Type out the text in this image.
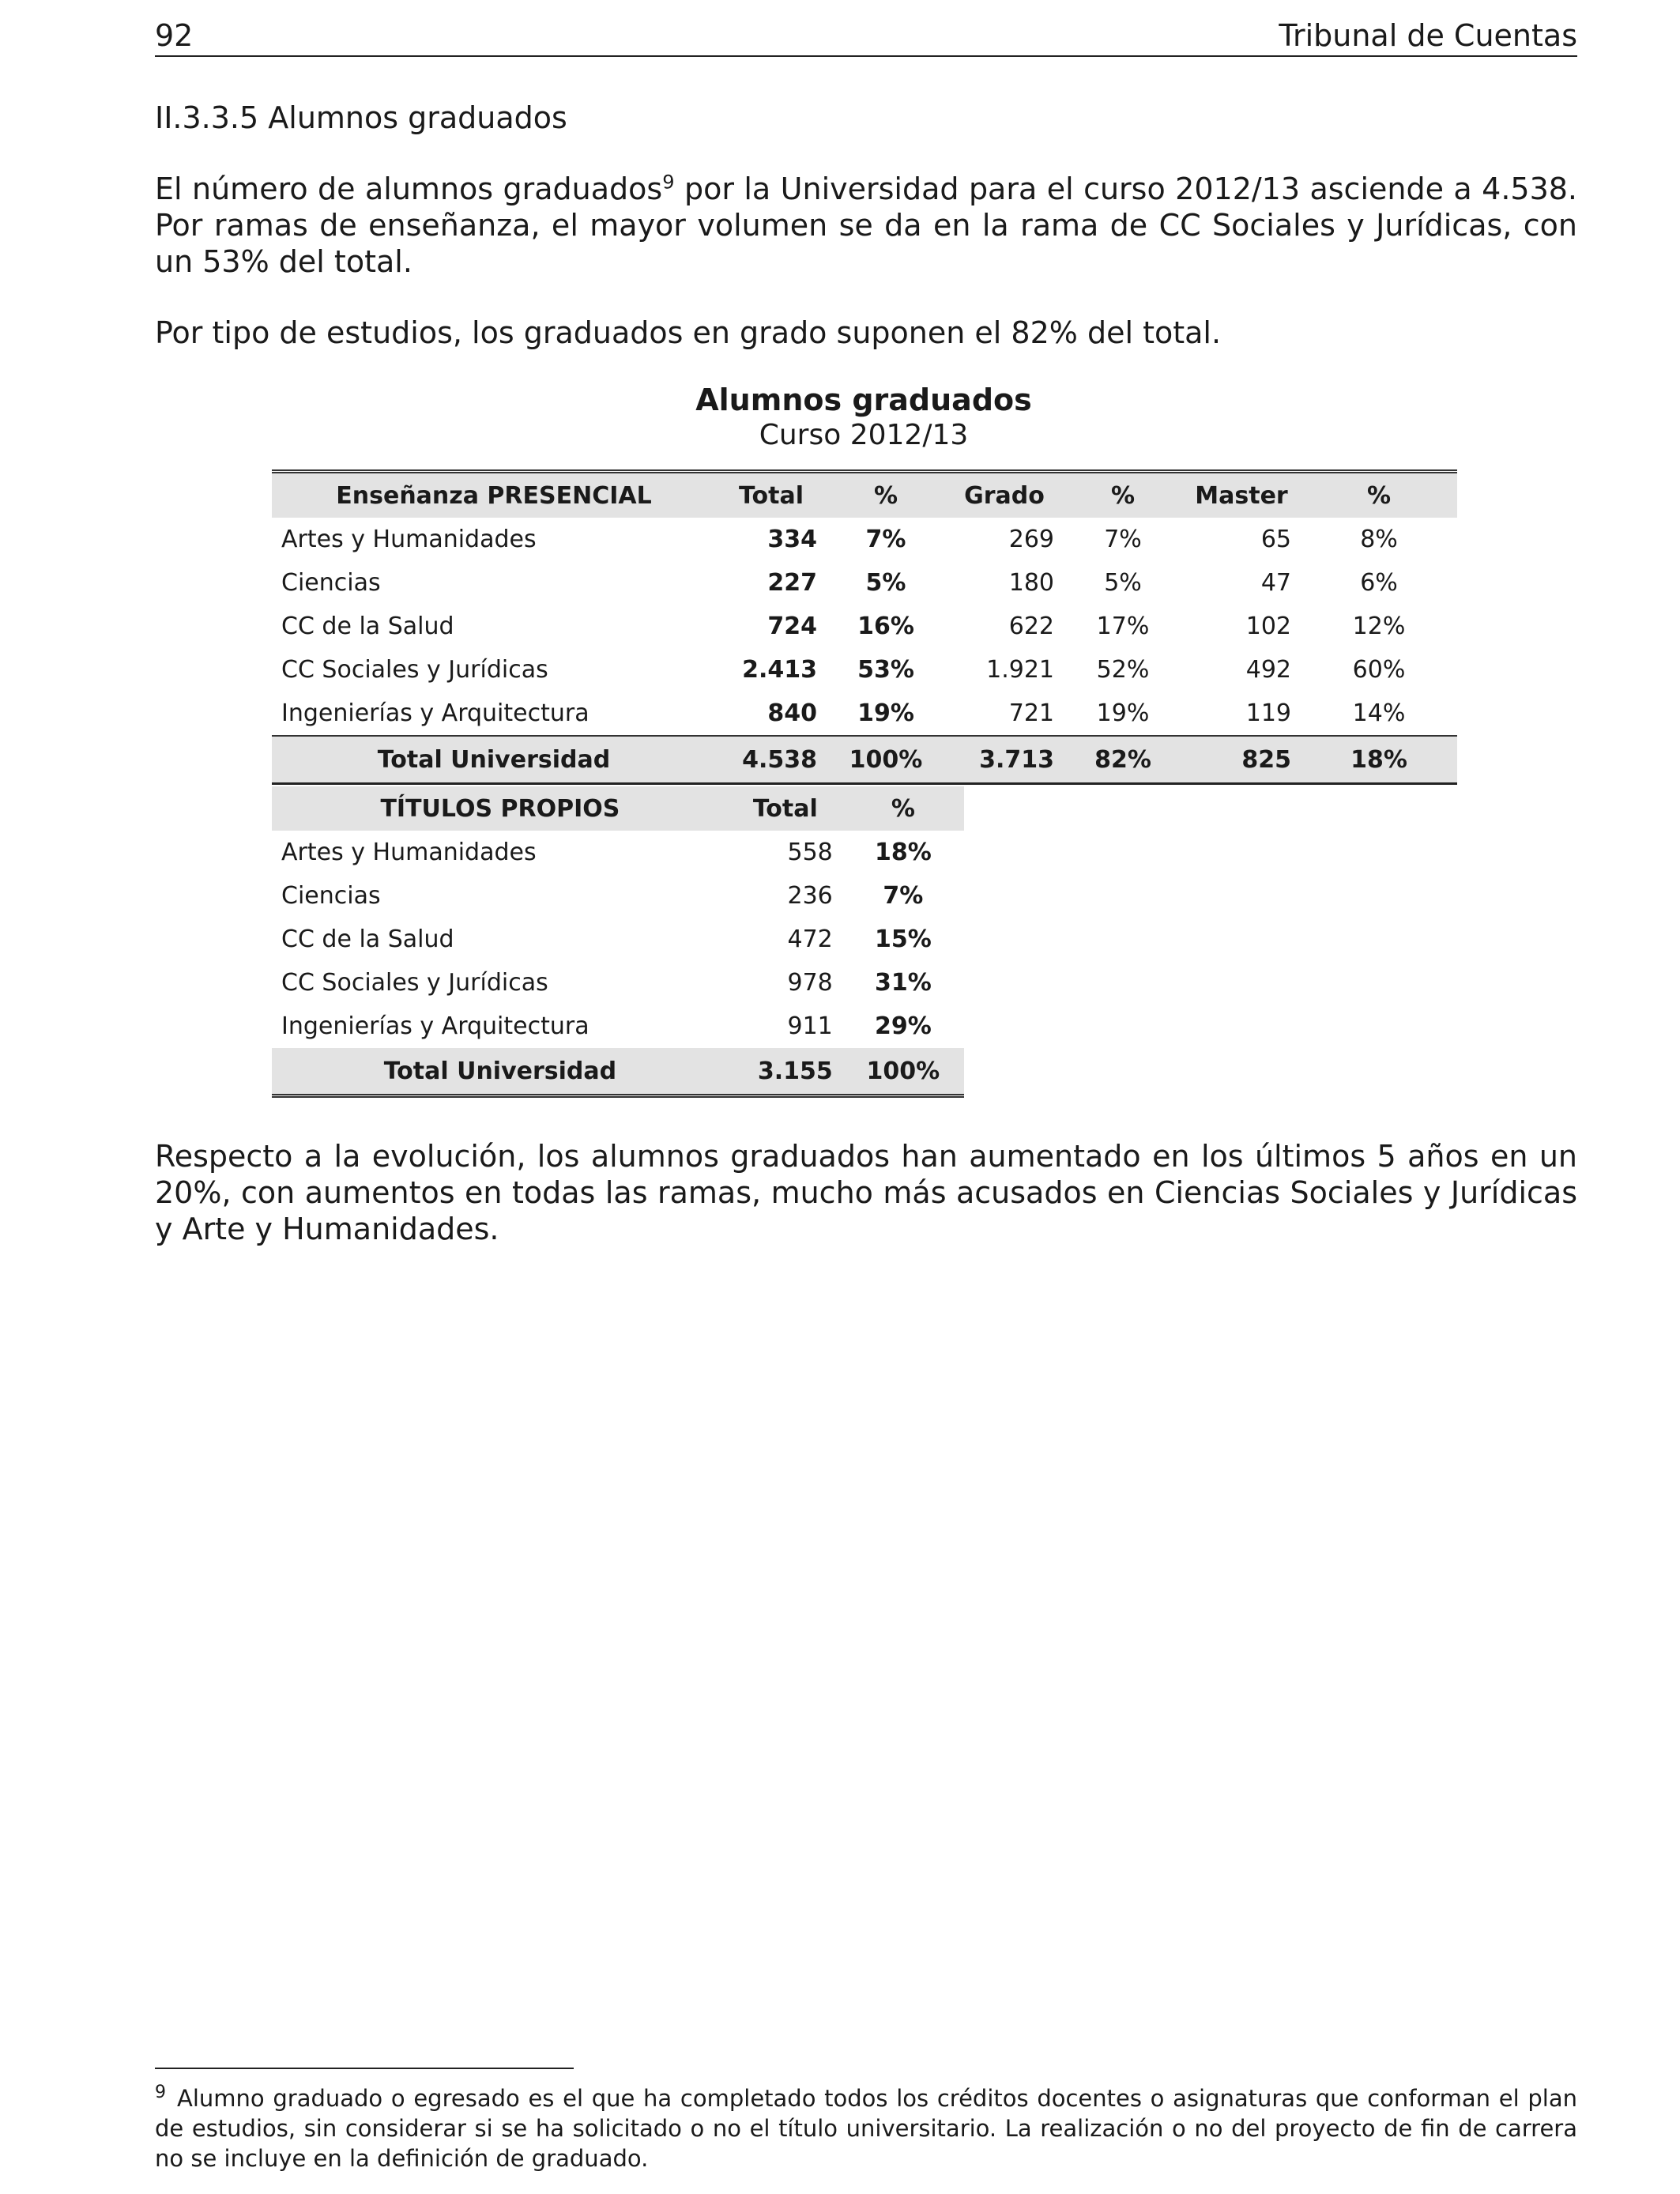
92	Tribunal de Cuentas
II.3.3.5 Alumnos graduados
El número de alumnos graduados$^9$ por la Universidad para el curso 2012/13 asciende a 4.538. Por ramas de enseñanza, el mayor volumen se da en la rama de CC Sociales y Jurídicas, con un 53% del total.
Por tipo de estudios, los graduados en grado suponen el 82% del total.
Alumnos graduados
Curso 2012/13
Enseñanza PRESENCIAL	Total	%	Grado	%	Master	%
Artes y Humanidades	334	7%	269	7%	65	8%
Ciencias	227	5%	180	5%	47	6%
CC de la Salud	724	16%	622	17%	102	12%
CC Sociales y Jurídicas	2.413	53%	1.921	52%	492	60%
Ingenierías y Arquitectura	840	19%	721	19%	119	14%
Total Universidad	4.538	100%	3.713	82%	825	18%
TÍTULOS PROPIOS	Total	%
Artes y Humanidades	558	18%
Ciencias	236	7%
CC de la Salud	472	15%
CC Sociales y Jurídicas	978	31%
Ingenierías y Arquitectura	911	29%
Total Universidad	3.155	100%
Respecto a la evolución, los alumnos graduados han aumentado en los últimos 5 años en un 20%, con aumentos en todas las ramas, mucho más acusados en Ciencias Sociales y Jurídicas y Arte y Humanidades.
$^9$ Alumno graduado o egresado es el que ha completado todos los créditos docentes o asignaturas que conforman el plan de estudios, sin considerar si se ha solicitado o no el título universitario. La realización o no del proyecto de fin de carrera no se incluye en la definición de graduado.
